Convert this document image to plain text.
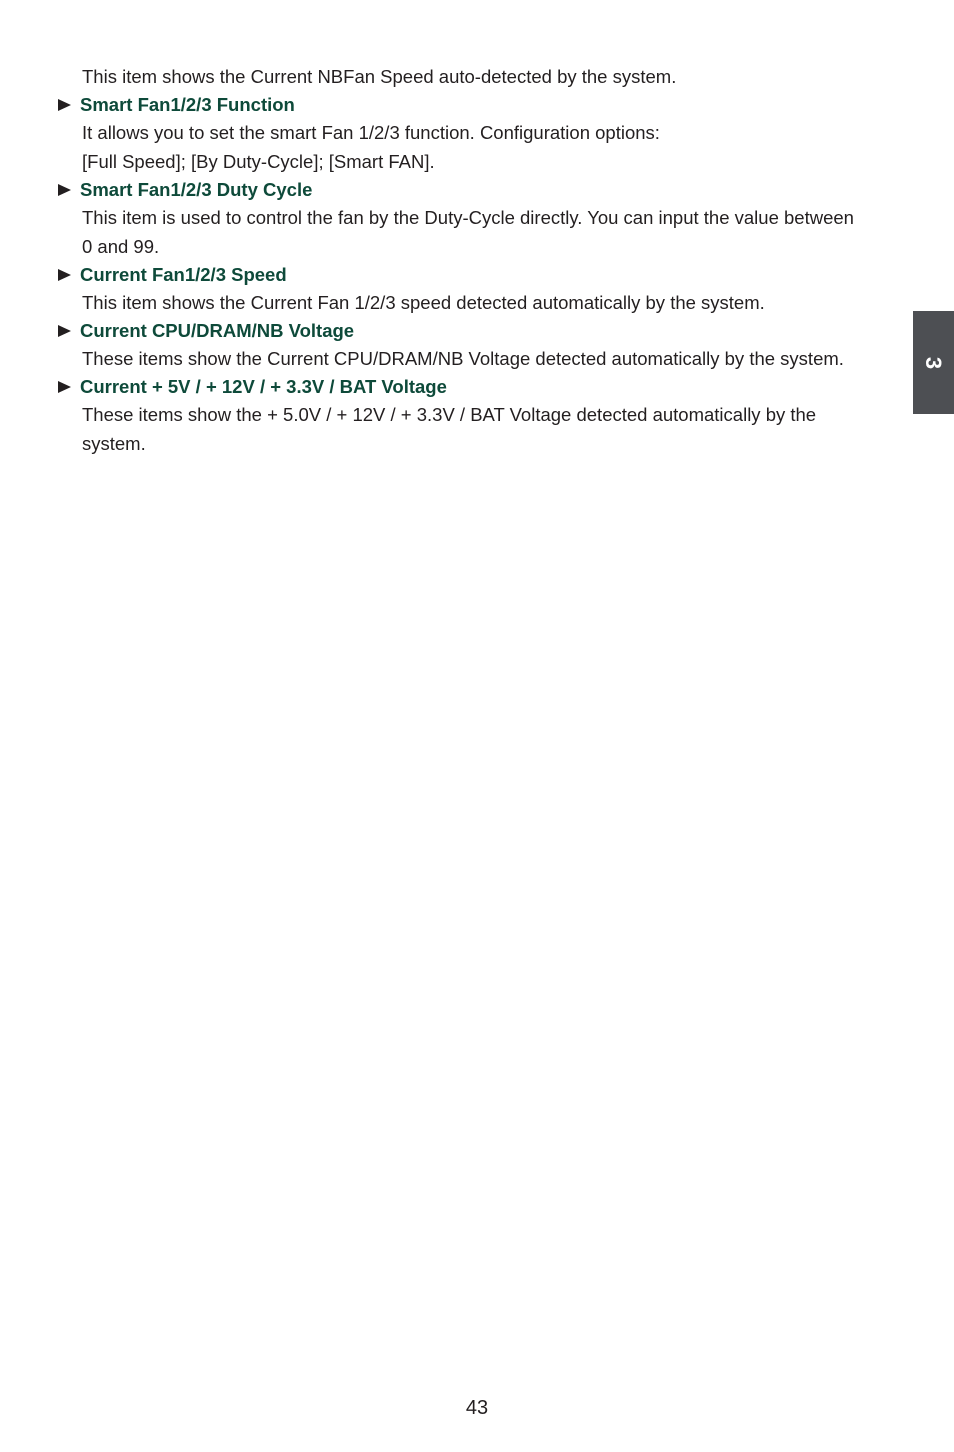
This item shows the Current NBFan Speed auto-detected by the system.

Smart Fan1/2/3 Function

It allows you to set the smart Fan 1/2/3 function. Configuration options:

[Full Speed]; [By Duty-Cycle]; [Smart FAN].

Smart Fan1/2/3 Duty Cycle

This item is used to control the fan by the Duty-Cycle directly. You can input the value between

0 and 99.

Current Fan1/2/3 Speed

This item shows the Current Fan 1/2/3 speed detected automatically by the system.

Current CPU/DRAM/NB Voltage

These items show the Current CPU/DRAM/NB Voltage detected automatically by the system.

Current + 5V / + 12V / + 3.3V / BAT Voltage

These items show the + 5.0V / + 12V / + 3.3V / BAT Voltage detected automatically by the

system.

3
43
